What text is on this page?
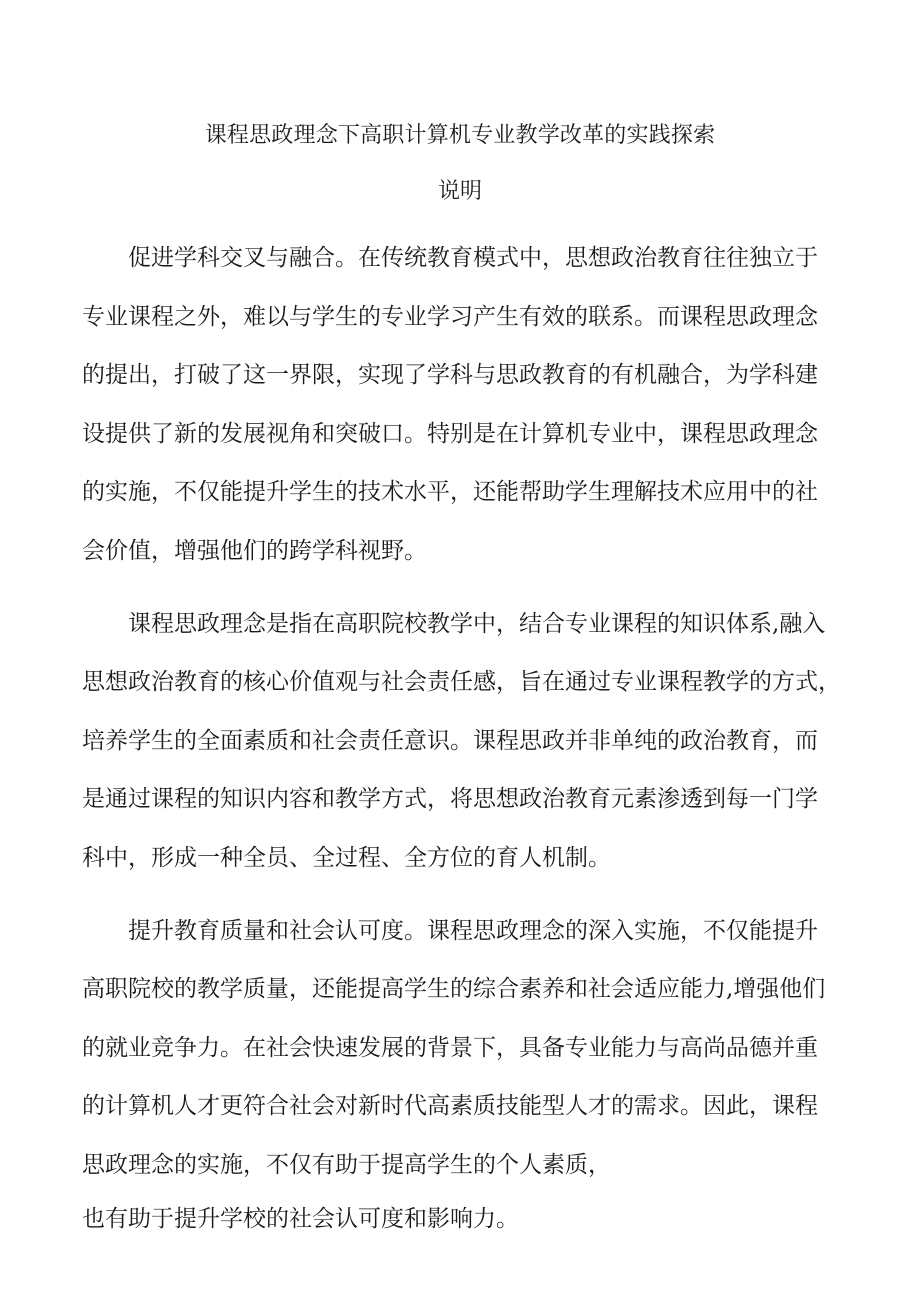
课程思政理念下高职计算机专业教学改革的实践探索
说明

促进学科交叉与融合。在传统教育模式中，思想政治教育往往独立于
专业课程之外，难以与学生的专业学习产生有效的联系。而课程思政理念
的提出，打破了这一界限，实现了学科与思政教育的有机融合，为学科建
设提供了新的发展视角和突破口。特别是在计算机专业中，课程思政理念
的实施，不仅能提升学生的技术水平，还能帮助学生理解技术应用中的社
会价值，增强他们的跨学科视野。

课程思政理念是指在高职院校教学中，结合专业课程的知识体系,融入
思想政治教育的核心价值观与社会责任感，旨在通过专业课程教学的方式，
培养学生的全面素质和社会责任意识。课程思政并非单纯的政治教育，而
是通过课程的知识内容和教学方式，将思想政治教育元素渗透到每一门学
科中，形成一种全员、全过程、全方位的育人机制。

提升教育质量和社会认可度。课程思政理念的深入实施，不仅能提升
高职院校的教学质量，还能提高学生的综合素养和社会适应能力,增强他们
的就业竞争力。在社会快速发展的背景下，具备专业能力与高尚品德并重
的计算机人才更符合社会对新时代高素质技能型人才的需求。因此，课程
思政理念的实施，不仅有助于提高学生的个人素质，
也有助于提升学校的社会认可度和影响力。
